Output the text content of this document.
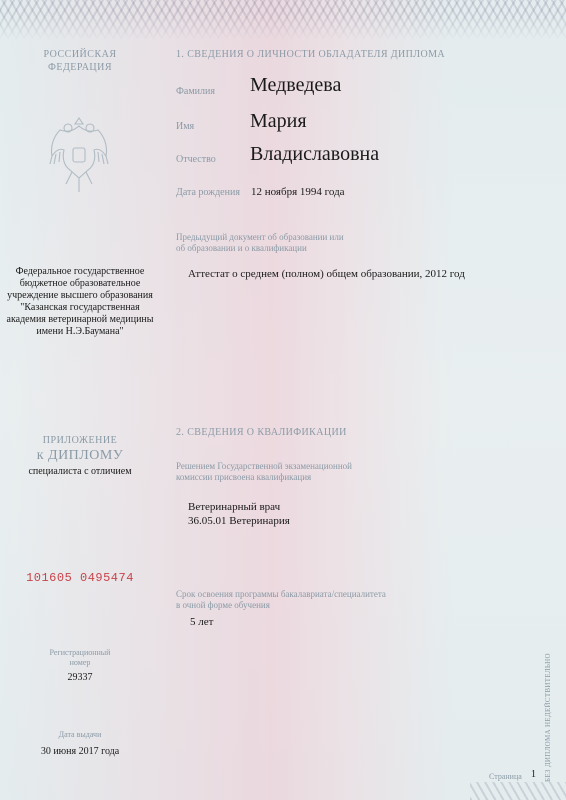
РОССИЙСКАЯ
ФЕДЕРАЦИЯ
Федеральное государственное бюджетное образовательное учреждение высшего образования "Казанская государственная академия ветеринарной медицины имени Н.Э.Баумана"
ПРИЛОЖЕНИЕ
к ДИПЛОМУ
специалиста с отличием
101605 0495474
Регистрационный
номер
29337
Дата выдачи
30 июня 2017 года
1. СВЕДЕНИЯ О ЛИЧНОСТИ ОБЛАДАТЕЛЯ ДИПЛОМА
Фамилия Медведева
Имя	Мария
Отчество Владиславовна
Дата рождения 12 ноября 1994 года
Предыдущий документ об образовании или
об образовании и о квалификации
Аттестат о среднем (полном) общем образовании, 2012 год
2. СВЕДЕНИЯ О КВАЛИФИКАЦИИ
Решением Государственной экзаменационной
комиссии присвоена квалификация
Ветеринарный врач
36.05.01 Ветеринария
Срок освоения программы бакалавриата/специалитета
в очной форме обучения
5 лет
БЕЗ ДИПЛОМА НЕДЕЙСТВИТЕЛЬНО
Страница 1
